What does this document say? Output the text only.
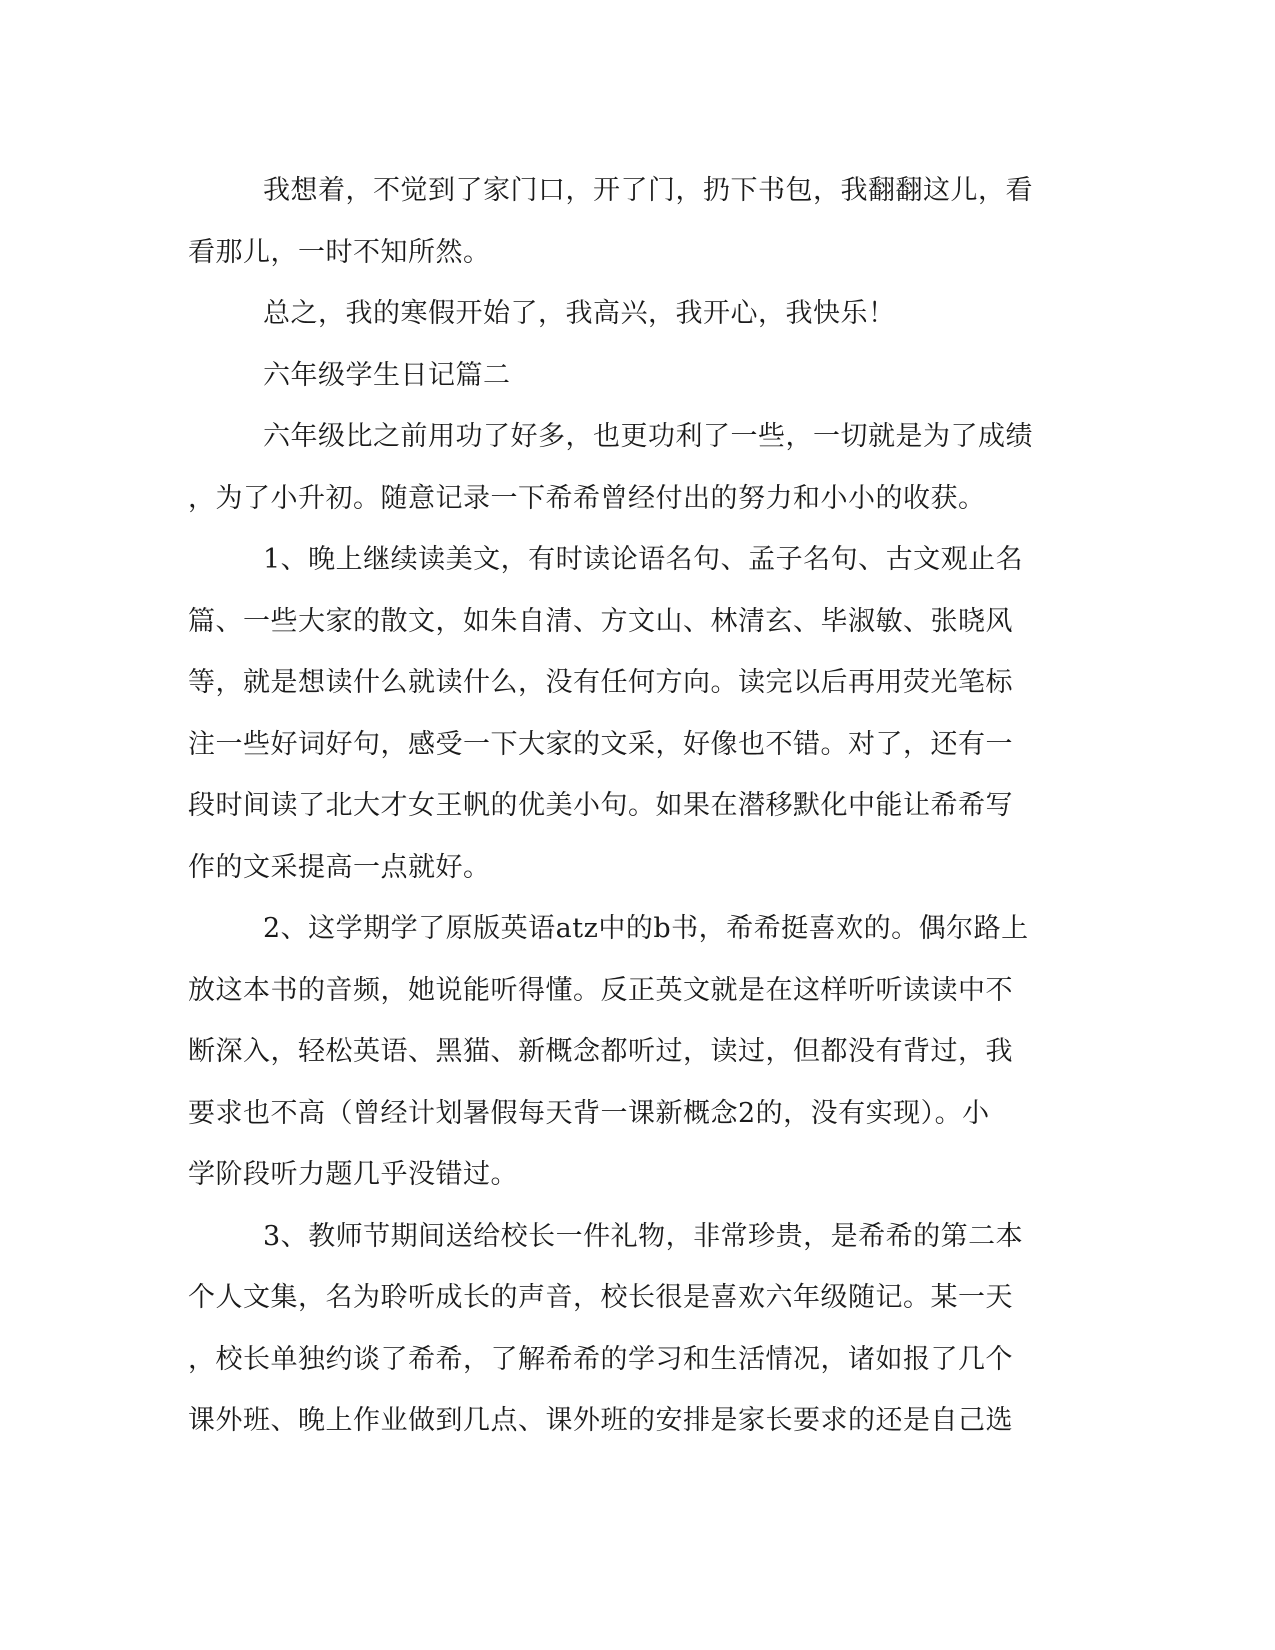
我想着，不觉到了家门口，开了门，扔下书包，我翻翻这儿，看
看那儿，一时不知所然。
总之，我的寒假开始了，我高兴，我开心，我快乐！
六年级学生日记篇二
六年级比之前用功了好多，也更功利了一些，一切就是为了成绩
，为了小升初。随意记录一下希希曾经付出的努力和小小的收获。
1、晚上继续读美文，有时读论语名句、孟子名句、古文观止名
篇、一些大家的散文，如朱自清、方文山、林清玄、毕淑敏、张晓风
等，就是想读什么就读什么，没有任何方向。读完以后再用荧光笔标
注一些好词好句，感受一下大家的文采，好像也不错。对了，还有一
段时间读了北大才女王帆的优美小句。如果在潜移默化中能让希希写
作的文采提高一点就好。
2、这学期学了原版英语atz中的b书，希希挺喜欢的。偶尔路上
放这本书的音频，她说能听得懂。反正英文就是在这样听听读读中不
断深入，轻松英语、黑猫、新概念都听过，读过，但都没有背过，我
要求也不高（曾经计划暑假每天背一课新概念2的，没有实现）。小
学阶段听力题几乎没错过。
3、教师节期间送给校长一件礼物，非常珍贵，是希希的第二本
个人文集，名为聆听成长的声音，校长很是喜欢六年级随记。某一天
，校长单独约谈了希希，了解希希的学习和生活情况，诸如报了几个
课外班、晚上作业做到几点、课外班的安排是家长要求的还是自己选
